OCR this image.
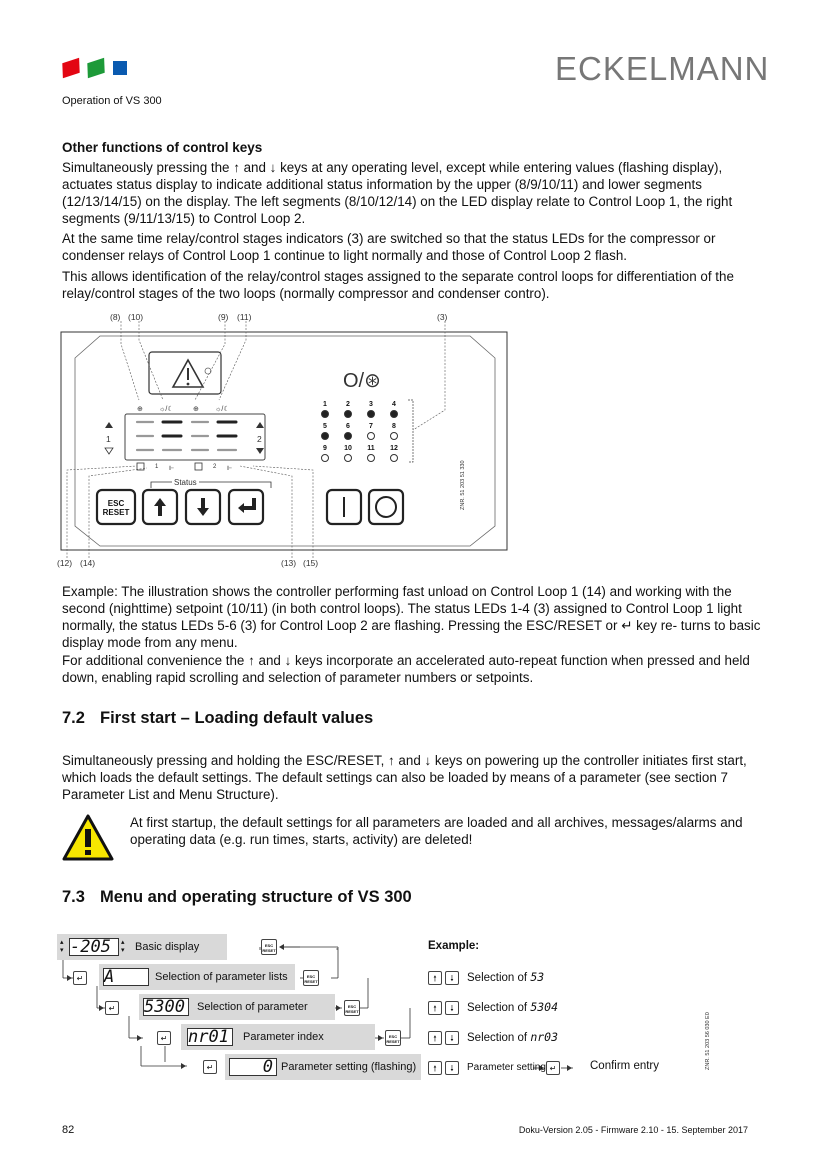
ECKELMANN
Operation of VS 300
Other functions of control keys

Simultaneously pressing the ↑ and ↓ keys at any operating level, except while entering values (flashing display), actuates status display to indicate additional status information by the upper (8/9/10/11) and lower segments (12/13/14/15) on the display. The left segments (8/10/12/14) on the LED display relate to Control Loop 1, the right segments (9/11/13/15) to Control Loop 2.

At the same time relay/control stages indicators (3) are switched so that the status LEDs for the compressor or condenser relays of Control Loop 1 continue to light normally and those of Control Loop 2 flash.

This allows identification of the relay/control stages assigned to the separate control loops for differentiation of the relay/control stages of the two loops (normally compressor and condenser contro).

⊕ ☼/☾	⊕ ☼/☾
⊩	⊩
(8) (10)	(9) (11)	(3)
(12) (14)	(13) (15)
1	2
1	2
Status
ESC
RESET
O/⊛
1	2	3	4
5	6	7	8
9	10	11	12
ZNR. 51 203 51 330

Example: The illustration shows the controller performing fast unload on Control Loop 1 (14) and working with the second (nighttime) setpoint (10/11) (in both control loops). The status LEDs 1-4 (3) assigned to Control Loop 1 light normally, the status LEDs 5-6 (3) for Control Loop 2 are flashing. Pressing the ESC/RESET or ↵ key re- turns to basic display mode from any menu.

For additional convenience the ↑ and ↓ keys incorporate an accelerated auto-repeat function when pressed and held down, enabling rapid scrolling and selection of parameter numbers or setpoints.

7.2 First start – Loading default values

Simultaneously pressing and holding the ESC/RESET, ↑ and ↓ keys on powering up the controller initiates first start, which loads the default settings. The default settings can also be loaded by means of a parameter (see section 7 Parameter List and Menu Structure).

At first startup, the default settings for all parameters are loaded and all archives, messages/alarms and operating data (e.g. run times, starts, activity) are deleted!

7.3 Menu and operating structure of VS 300
▴
▾ -205	▴
▾ Basic display	ESC
RESET
↵ A	Selection of parameter lists	ESC
RESET
↵ 5300	Selection of parameter	ESC
RESET
↵ nr01	Parameter index	ESC
RESET
↵	0 Parameter setting (flashing)
Example:
🠕	🠗	Selection of 53
🠕	🠗	Selection of 5304
🠕	🠗	Selection of nr03
🠕	🠗	Parameter setting ↵	Confirm entry	ZNR. 51 203 56 030 E0
82	Doku-Version 2.05 - Firmware 2.10 - 15. September 2017
